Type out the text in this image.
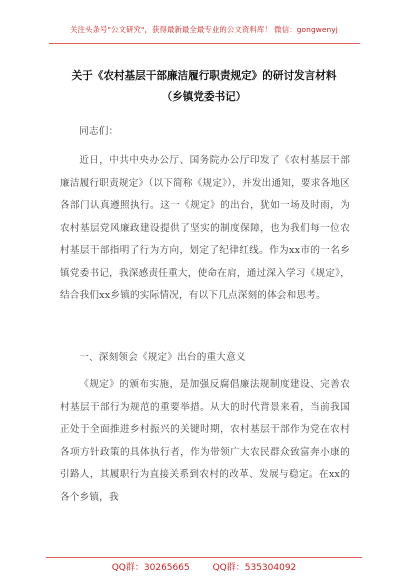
关注头条号"公文研究"，获得最新最全最专业的公文资料库！ 微信：gongwenyj
关于《农村基层干部廉洁履行职责规定》的研讨发言材料
（乡镇党委书记）

同志们：

近日，中共中央办公厅、国务院办公厅印发了《农村基层干部廉洁履行职责规定》（以下简称《规定》），并发出通知，要求各地区各部门认真遵照执行。这一《规定》的出台，犹如一场及时雨，为农村基层党风廉政建设提供了坚实的制度保障，也为我们每一位农村基层干部指明了行为方向，划定了纪律红线。作为xx市的一名乡镇党委书记，我深感责任重大，使命在肩，通过深入学习《规定》，结合我们xx乡镇的实际情况，有以下几点深刻的体会和思考。

一、深刻领会《规定》出台的重大意义

《规定》的颁布实施，是加强反腐倡廉法规制度建设、完善农村基层干部行为规范的重要举措。从大的时代背景来看，当前我国正处于全面推进乡村振兴的关键时期，农村基层干部作为党在农村各项方针政策的具体执行者，作为带领广大农民群众致富奔小康的引路人，其履职行为直接关系到农村的改革、发展与稳定。在xx的各个乡镇，我

QQ群：30265665	QQ群：535304092
